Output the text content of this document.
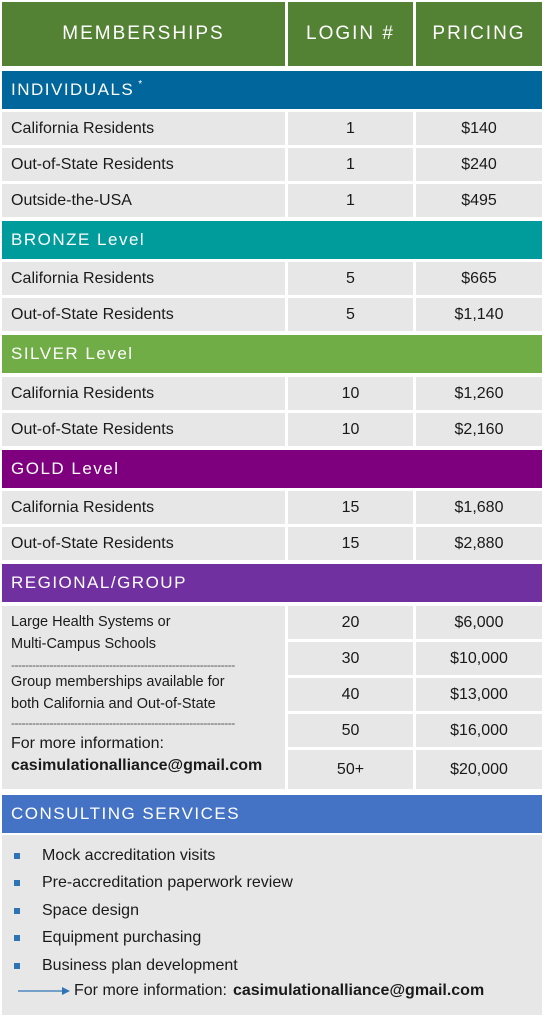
MEMBERSHIPS	LOGIN #	PRICING
INDIVIDUALS *
California Residents	1	$140
Out-of-State Residents	1	$240
Outside-the-USA	1	$495
BRONZE Level
California Residents	5	$665
Out-of-State Residents	5	$1,140
SILVER Level
California Residents	10	$1,260
Out-of-State Residents	10	$2,160
GOLD Level
California Residents	15	$1,680
Out-of-State Residents	15	$2,880
REGIONAL/GROUP
Large Health Systems or
Multi-Campus Schools
----------------------------------------------------------------
Group memberships available for
both California and Out-of-State
----------------------------------------------------------------
For more information:
casimulationalliance@gmail.com
20	$6,000
30	$10,000
40	$13,000
50	$16,000
50+	$20,000
CONSULTING SERVICES
Mock accreditation visits
Pre-accreditation paperwork review
Space design
Equipment purchasing
Business plan development
For more information: casimulationalliance@gmail.com
